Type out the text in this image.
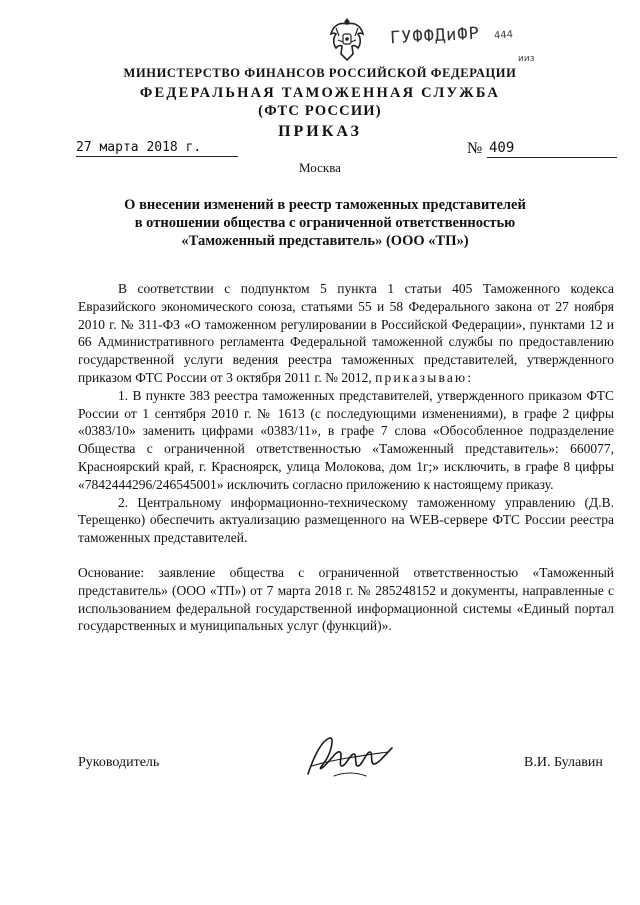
ГУФФДиФР 444
ииз
МИНИСТЕРСТВО ФИНАНСОВ РОССИЙСКОЙ ФЕДЕРАЦИИ
ФЕДЕРАЛЬНАЯ ТАМОЖЕННАЯ СЛУЖБА
(ФТС РОССИИ)
ПРИКАЗ
27 марта 2018 г.	№ 409
Москва
О внесении изменений в реестр таможенных представителей
в отношении общества с ограниченной ответственностью
«Таможенный представитель» (ООО «ТП»)

В соответствии с подпунктом 5 пункта 1 статьи 405 Таможенного кодекса Евразийского экономического союза, статьями 55 и 58 Федерального закона от 27 ноября 2010 г. № 311-ФЗ «О таможенном регулировании в Российской Федерации», пунктами 12 и 66 Административного регламента Федеральной таможенной службы по предоставлению государственной услуги ведения реестра таможенных представителей, утвержденного приказом ФТС России от 3 октября 2011 г. № 2012, приказываю:

1. В пункте 383 реестра таможенных представителей, утвержденного приказом ФТС России от 1 сентября 2010 г. № 1613 (с последующими изменениями), в графе 2 цифры «0383/10» заменить цифрами «0383/11», в графе 7 слова «Обособленное подразделение Общества с ограниченной ответственностью «Таможенный представитель»: 660077, Красноярский край, г. Красноярск, улица Молокова, дом 1г;» исключить, в графе 8 цифры «7842444296/246545001» исключить согласно приложению к настоящему приказу.

2. Центральному информационно-техническому таможенному управлению (Д.В. Терещенко) обеспечить актуализацию размещенного на WEB-сервере ФТС России реестра таможенных представителей.

Основание: заявление общества с ограниченной ответственностью «Таможенный представитель» (ООО «ТП») от 7 марта 2018 г. № 285248152 и документы, направленные с использованием федеральной государственной информационной системы «Единый портал государственных и муниципальных услуг (функций)».

Руководитель	В.И. Булавин
